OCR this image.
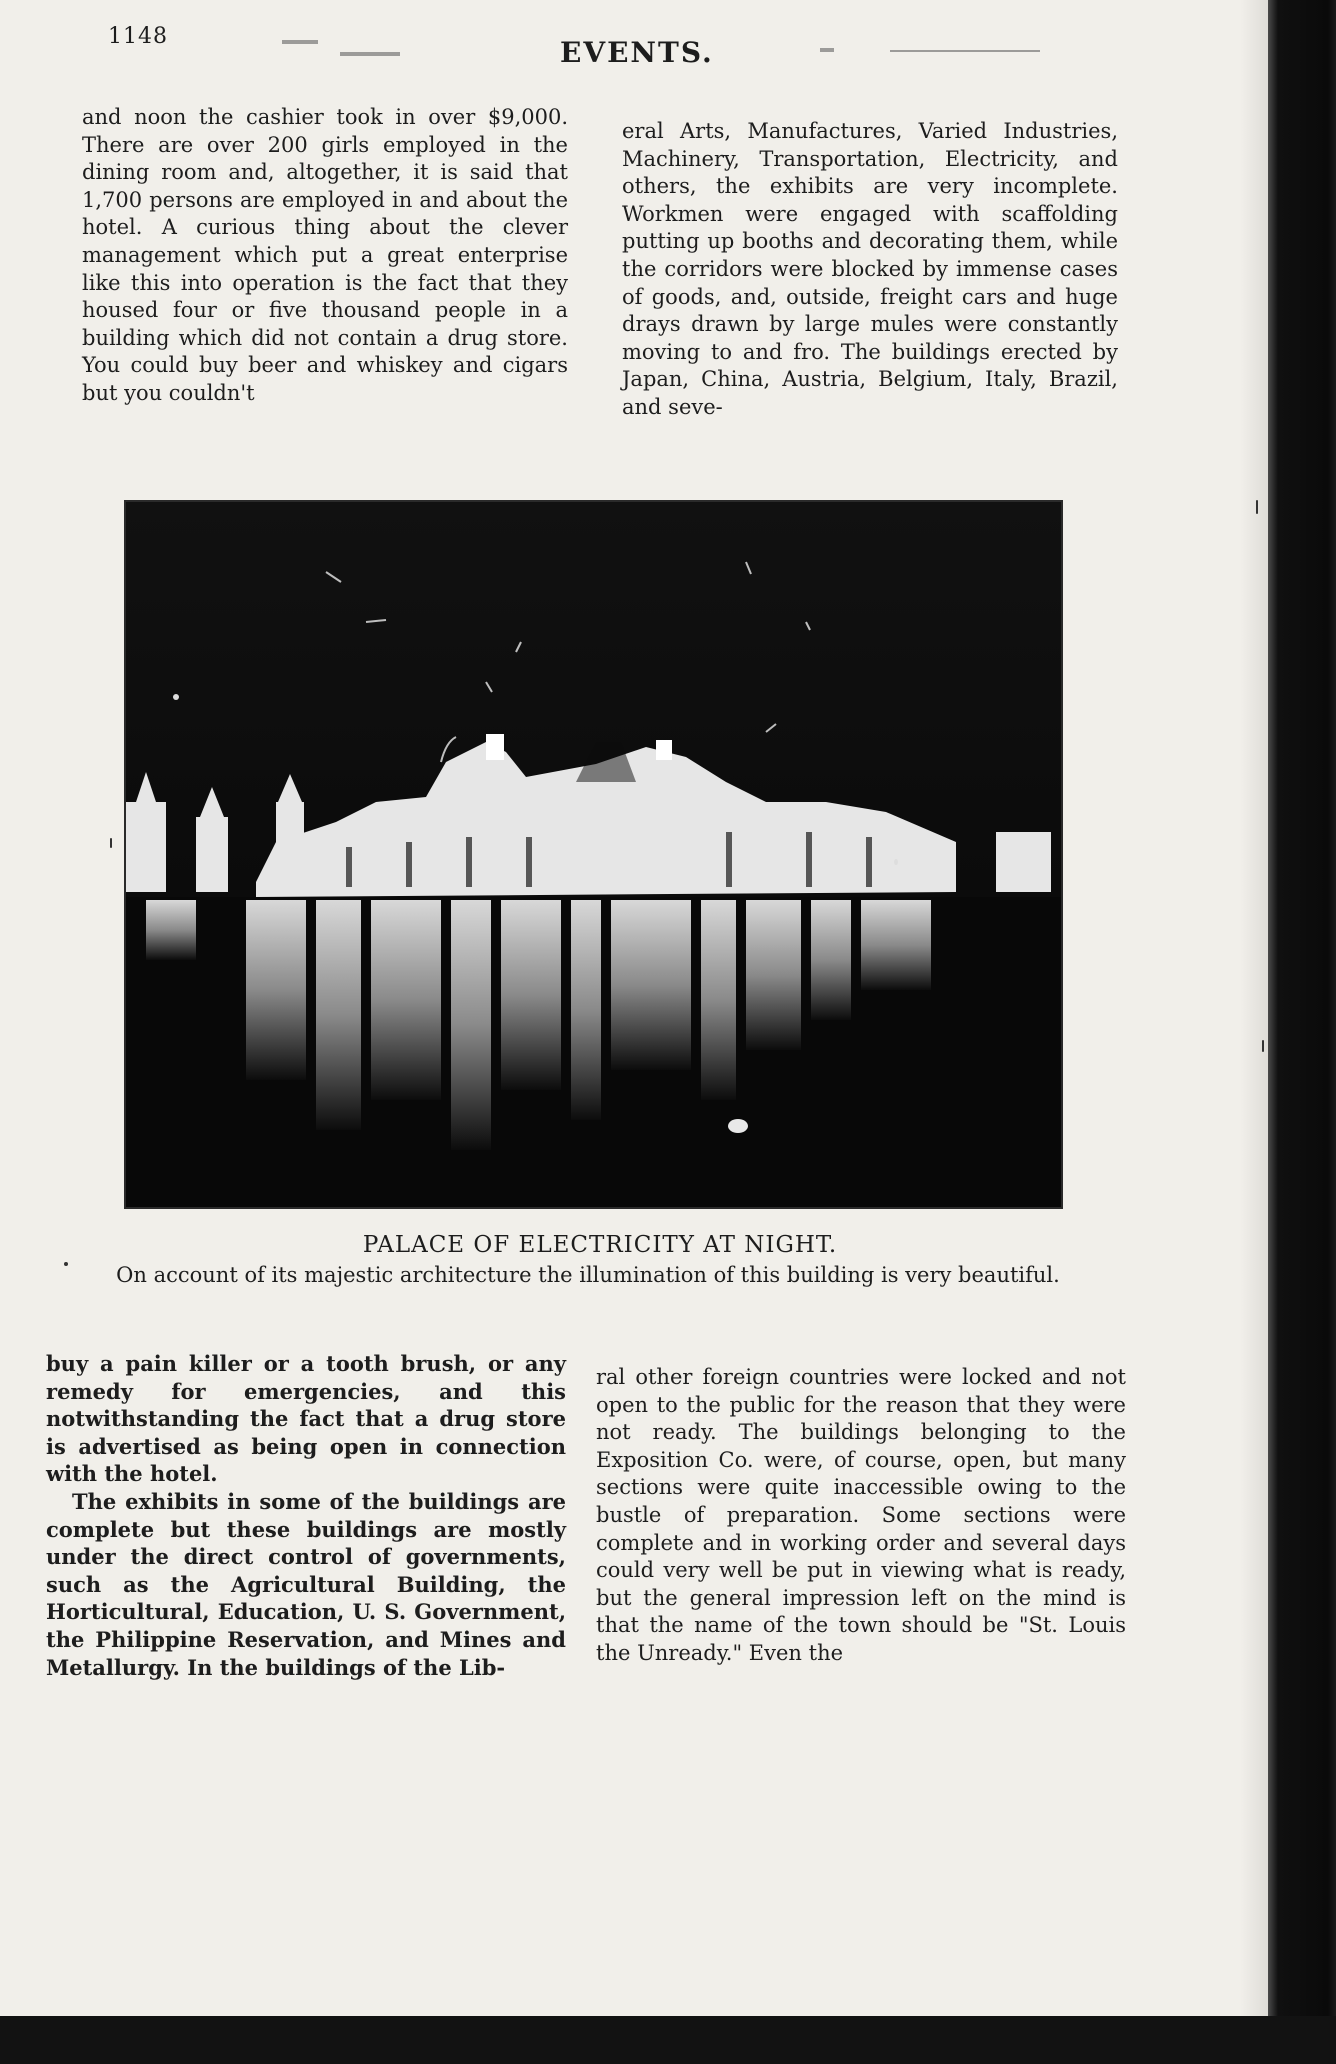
1148	EVENTS.

and noon the cashier took in over $9,000. There are over 200 girls employed in the dining room and, altogether, it is said that 1,700 persons are employed in and about the hotel. A curious thing about the clever management which put a great enterprise like this into operation is the fact that they housed four or five thousand people in a building which did not contain a drug store. You could buy beer and whiskey and cigars but you couldn't

eral Arts, Manufactures, Varied Industries, Machinery, Transportation, Electricity, and others, the exhibits are very incomplete. Workmen were engaged with scaffolding putting up booths and decorating them, while the corridors were blocked by immense cases of goods, and, outside, freight cars and huge drays drawn by large mules were constantly moving to and fro. The buildings erected by Japan, China, Austria, Belgium, Italy, Brazil, and seve-

PALACE OF ELECTRICITY AT NIGHT.
On account of its majestic architecture the illumination of this building is very beautiful.

buy a pain killer or a tooth brush, or any remedy for emergencies, and this notwithstanding the fact that a drug store is advertised as being open in connection with the hotel.

The exhibits in some of the buildings are complete but these buildings are mostly under the direct control of governments, such as the Agricultural Building, the Horticultural, Education, U. S. Government, the Philippine Reservation, and Mines and Metallurgy. In the buildings of the Lib-

ral other foreign countries were locked and not open to the public for the reason that they were not ready. The buildings belonging to the Exposition Co. were, of course, open, but many sections were quite inaccessible owing to the bustle of preparation. Some sections were complete and in working order and several days could very well be put in viewing what is ready, but the general impression left on the mind is that the name of the town should be "St. Louis the Unready." Even the
